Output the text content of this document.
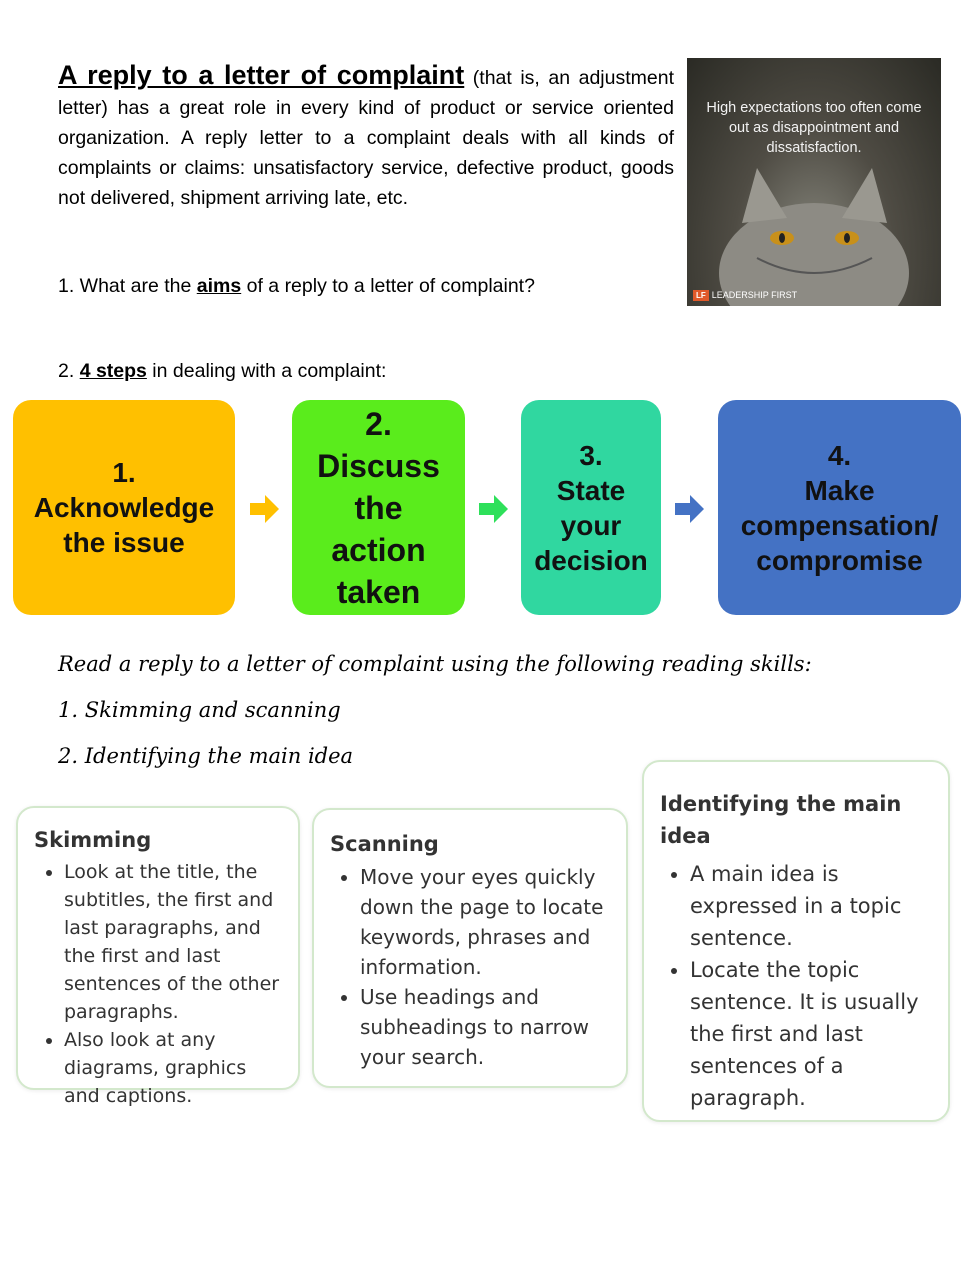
A reply to a letter of complaint (that is, an adjustment letter) has a great role in every kind of product or service oriented organization. A reply letter to a complaint deals with all kinds of complaints or claims: unsatisfactory service, defective product, goods not delivered, shipment arriving late, etc.
High expectations too often come out as disappointment and dissatisfaction.
LF LEADERSHIP FIRST
1. What are the aims of a reply to a letter of complaint?
2. 4 steps in dealing with a complaint:
1.
Acknowledge
the issue
2.
Discuss
the
action
taken
3.
State
your
decision
4.
Make
compensation/
compromise
Read a reply to a letter of complaint using the following reading skills:
1. Skimming and scanning
2. Identifying the main idea
Skimming
• Look at the title, the subtitles, the first and last paragraphs, and the first and last sentences of the other paragraphs.
• Also look at any diagrams, graphics and captions.
Scanning
• Move your eyes quickly down the page to locate keywords, phrases and information.
• Use headings and subheadings to narrow your search.
Identifying the main idea
• A main idea is expressed in a topic sentence.
• Locate the topic sentence. It is usually the first and last sentences of a paragraph.
